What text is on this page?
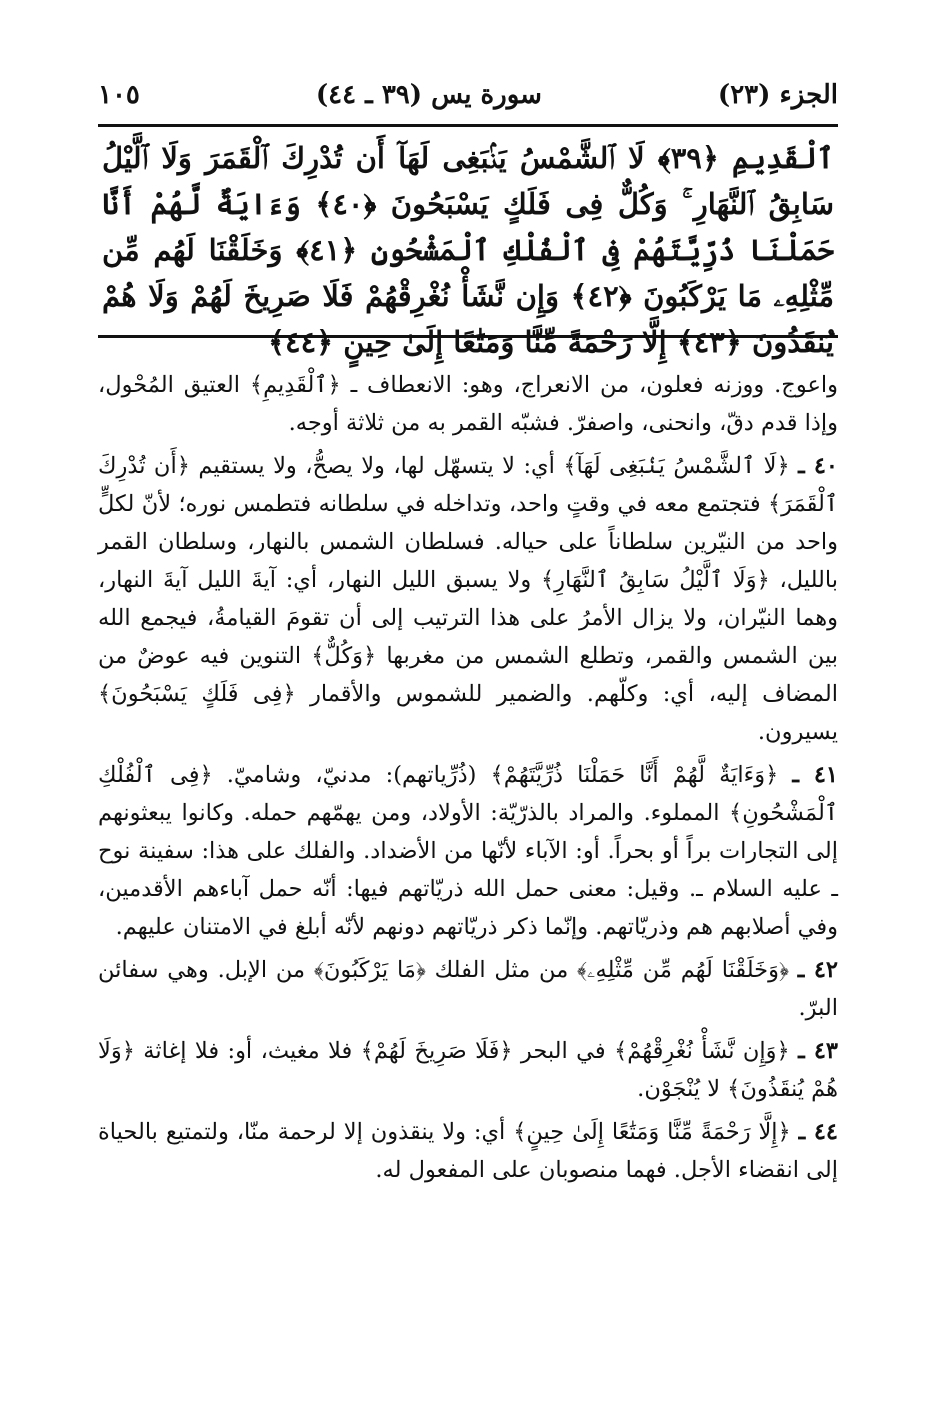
الجزء (٢٣)
سورة يس (٣٩ ـ ٤٤)
١٠٥
ٱلْقَدِيمِ ﴿٣٩﴾ لَا ٱلشَّمْسُ يَنۢبَغِى لَهَآ أَن تُدْرِكَ ٱلْقَمَرَ وَلَا ٱلَّيْلُ سَابِقُ ٱلنَّهَارِ ۚ وَكُلٌّ فِى فَلَكٍ يَسْبَحُونَ ﴿٤٠﴾ وَءَايَةٌ لَّهُمْ أَنَّا حَمَلْنَا ذُرِّيَّتَهُمْ فِى ٱلْفُلْكِ ٱلْمَشْحُونِ ﴿٤١﴾ وَخَلَقْنَا لَهُم مِّن مِّثْلِهِۦ مَا يَرْكَبُونَ ﴿٤٢﴾ وَإِن نَّشَأْ نُغْرِقْهُمْ فَلَا صَرِيخَ لَهُمْ وَلَا هُمْ يُنقَذُونَ ﴿٤٣﴾ إِلَّا رَحْمَةً مِّنَّا وَمَتَٰعًا إِلَىٰ حِينٍ ﴿٤٤﴾

واعوج. ووزنه فعلون، من الانعراج، وهو: الانعطاف ـ ﴿ٱلْقَدِيمِ﴾ العتيق المُحْول، وإذا قدم دقّ، وانحنى، واصفرّ. فشبّه القمر به من ثلاثة أوجه.

٤٠ ـ ﴿لَا ٱلشَّمْسُ يَنۢبَغِى لَهَآ﴾ أي: لا يتسهّل لها، ولا يصحُّ، ولا يستقيم ﴿أَن تُدْرِكَ ٱلْقَمَرَ﴾ فتجتمع معه في وقتٍ واحد، وتداخله في سلطانه فتطمس نوره؛ لأنّ لكلٍّ واحد من النيّرين سلطاناً على حياله. فسلطان الشمس بالنهار، وسلطان القمر بالليل، ﴿وَلَا ٱلَّيْلُ سَابِقُ ٱلنَّهَارِ﴾ ولا يسبق الليل النهار، أي: آيةَ الليل آيةَ النهار، وهما النيّران، ولا يزال الأمرُ على هذا الترتيب إلى أن تقومَ القيامةُ، فيجمع الله بين الشمس والقمر، وتطلع الشمس من مغربها ﴿وَكُلٌّ﴾ التنوين فيه عوضٌ من المضاف إليه، أي: وكلّهم. والضمير للشموس والأقمار ﴿فِى فَلَكٍ يَسْبَحُونَ﴾ يسيرون.

٤١ ـ ﴿وَءَايَةٌ لَّهُمْ أَنَّا حَمَلْنَا ذُرِّيَّتَهُمْ﴾ (ذُرِّياتهم): مدنيّ، وشاميّ. ﴿فِى ٱلْفُلْكِ ٱلْمَشْحُونِ﴾ المملوء. والمراد بالذرّيّة: الأولاد، ومن يهمّهم حمله. وكانوا يبعثونهم إلى التجارات براً أو بحراً. أو: الآباء لأنّها من الأضداد. والفلك على هذا: سفينة نوح ـ عليه السلام ـ. وقيل: معنى حمل الله ذريّاتهم فيها: أنّه حمل آباءهم الأقدمين، وفي أصلابهم هم وذريّاتهم. وإنّما ذكر ذريّاتهم دونهم لأنّه أبلغ في الامتنان عليهم.

٤٢ ـ ﴿وَخَلَقْنَا لَهُم مِّن مِّثْلِهِۦ﴾ من مثل الفلك ﴿مَا يَرْكَبُونَ﴾ من الإبل. وهي سفائن البرّ.

٤٣ ـ ﴿وَإِن نَّشَأْ نُغْرِقْهُمْ﴾ في البحر ﴿فَلَا صَرِيخَ لَهُمْ﴾ فلا مغيث، أو: فلا إغاثة ﴿وَلَا هُمْ يُنقَذُونَ﴾ لا يُنْجَوْن.

٤٤ ـ ﴿إِلَّا رَحْمَةً مِّنَّا وَمَتَٰعًا إِلَىٰ حِينٍ﴾ أي: ولا ينقذون إلا لرحمة منّا، ولتمتيع بالحياة إلى انقضاء الأجل. فهما منصوبان على المفعول له.
